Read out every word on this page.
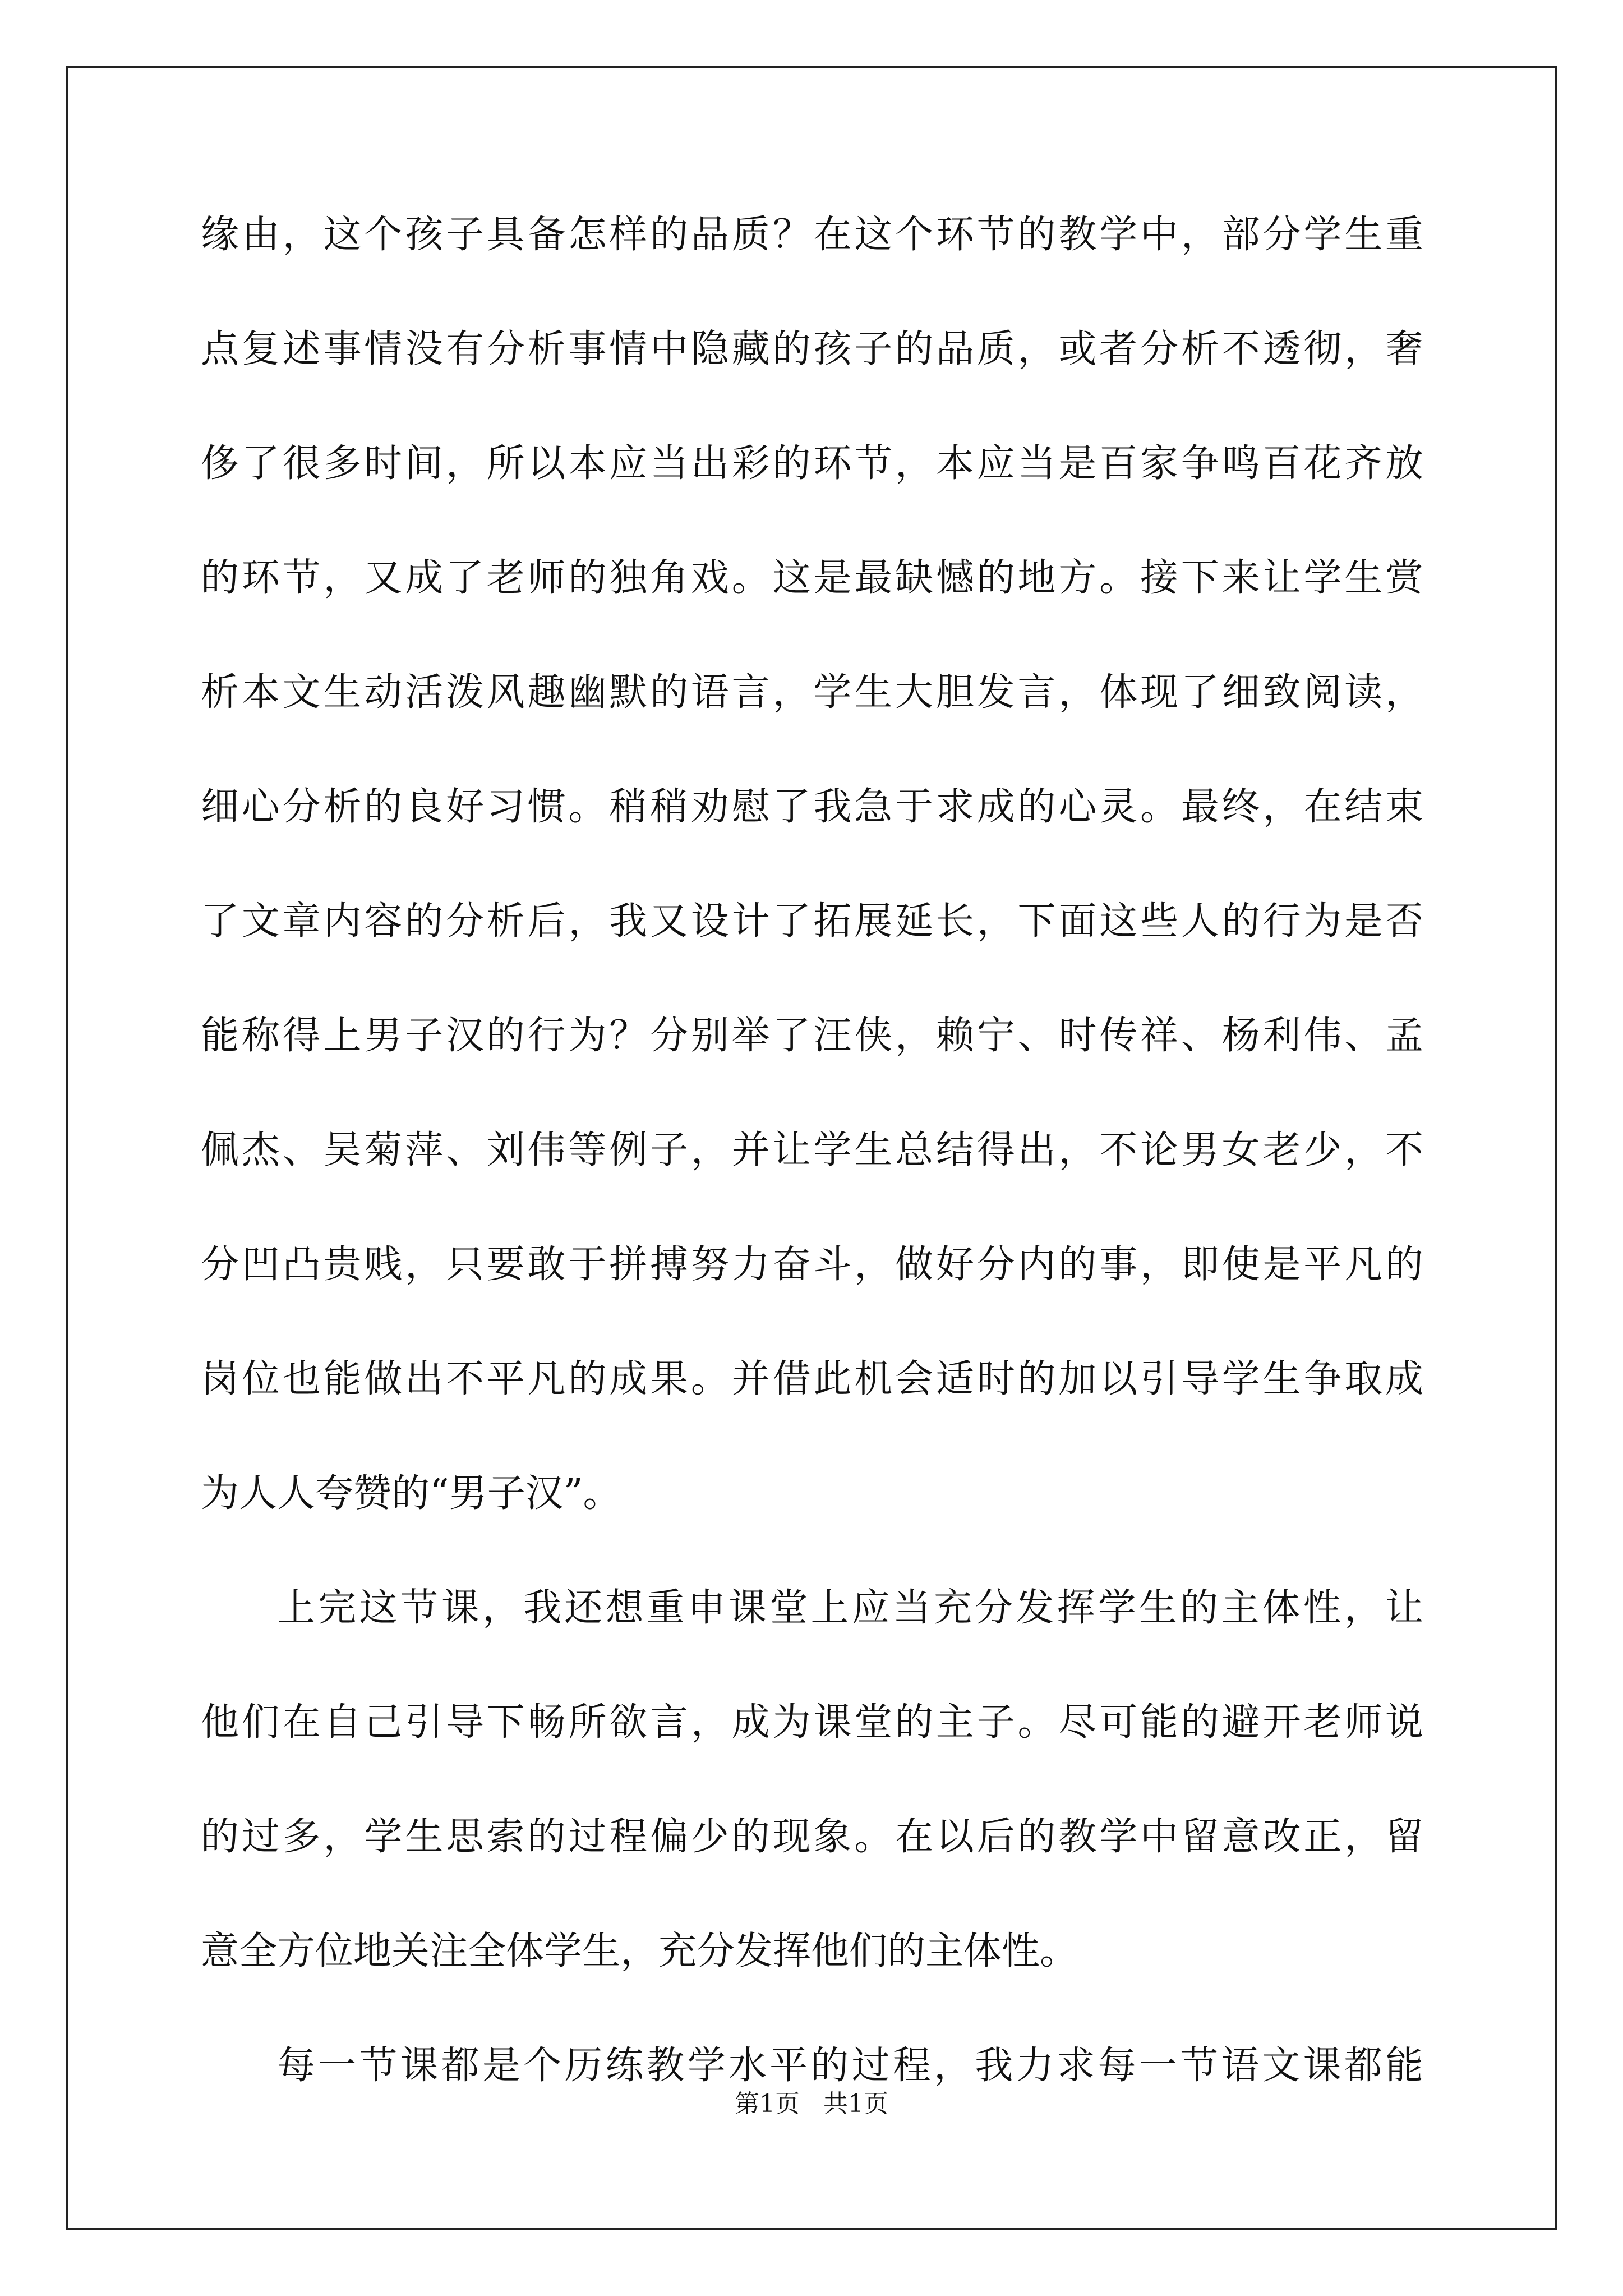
缘由，这个孩子具备怎样的品质？在这个环节的教学中，部分学生重
点复述事情没有分析事情中隐藏的孩子的品质，或者分析不透彻，奢
侈了很多时间，所以本应当出彩的环节，本应当是百家争鸣百花齐放
的环节，又成了老师的独角戏。这是最缺憾的地方。接下来让学生赏
析本文生动活泼风趣幽默的语言，学生大胆发言，体现了细致阅读，
细心分析的良好习惯。稍稍劝慰了我急于求成的心灵。最终，在结束
了文章内容的分析后，我又设计了拓展延长，下面这些人的行为是否
能称得上男子汉的行为？分别举了汪侠，赖宁、时传祥、杨利伟、孟
佩杰、吴菊萍、刘伟等例子，并让学生总结得出，不论男女老少，不
分凹凸贵贱，只要敢于拼搏努力奋斗，做好分内的事，即使是平凡的
岗位也能做出不平凡的成果。并借此机会适时的加以引导学生争取成
为人人夸赞的“男子汉”。
上完这节课，我还想重申课堂上应当充分发挥学生的主体性，让
他们在自己引导下畅所欲言，成为课堂的主子。尽可能的避开老师说
的过多，学生思索的过程偏少的现象。在以后的教学中留意改正，留
意全方位地关注全体学生，充分发挥他们的主体性。
每一节课都是个历练教学水平的过程，我力求每一节语文课都能
第1页   共1页
